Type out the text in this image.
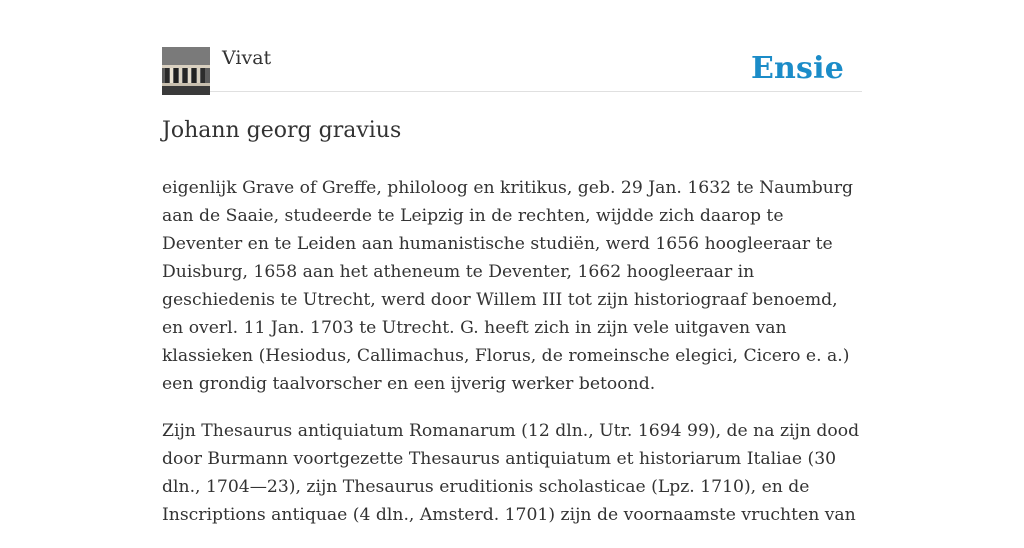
Vivat	Ensie
Johann georg gravius

eigenlijk Grave of Greffe, philoloog en kritikus, geb. 29 Jan. 1632 te Naumburg aan de Saaie, studeerde te Leipzig in de rechten, wijdde zich daarop te Deventer en te Leiden aan humanistische studiën, werd 1656 hoogleeraar te Duisburg, 1658 aan het atheneum te Deventer, 1662 hoogleeraar in geschiedenis te Utrecht, werd door Willem III tot zijn historiograaf benoemd, en overl. 11 Jan. 1703 te Utrecht. G. heeft zich in zijn vele uitgaven van klassieken (Hesiodus, Callimachus, Florus, de romeinsche elegici, Cicero e. a.) een grondig taalvorscher en een ijverig werker betoond.

Zijn Thesaurus antiquiatum Romanarum (12 dln., Utr. 1694 99), de na zijn dood door Burmann voortgezette Thesaurus antiquiatum et historiarum Italiae (30 dln., 1704—23), zijn Thesaurus eruditionis scholasticae (Lpz. 1710), en de Inscriptions antiquae (4 dln., Amsterd. 1701) zijn de voornaamste vruchten van
